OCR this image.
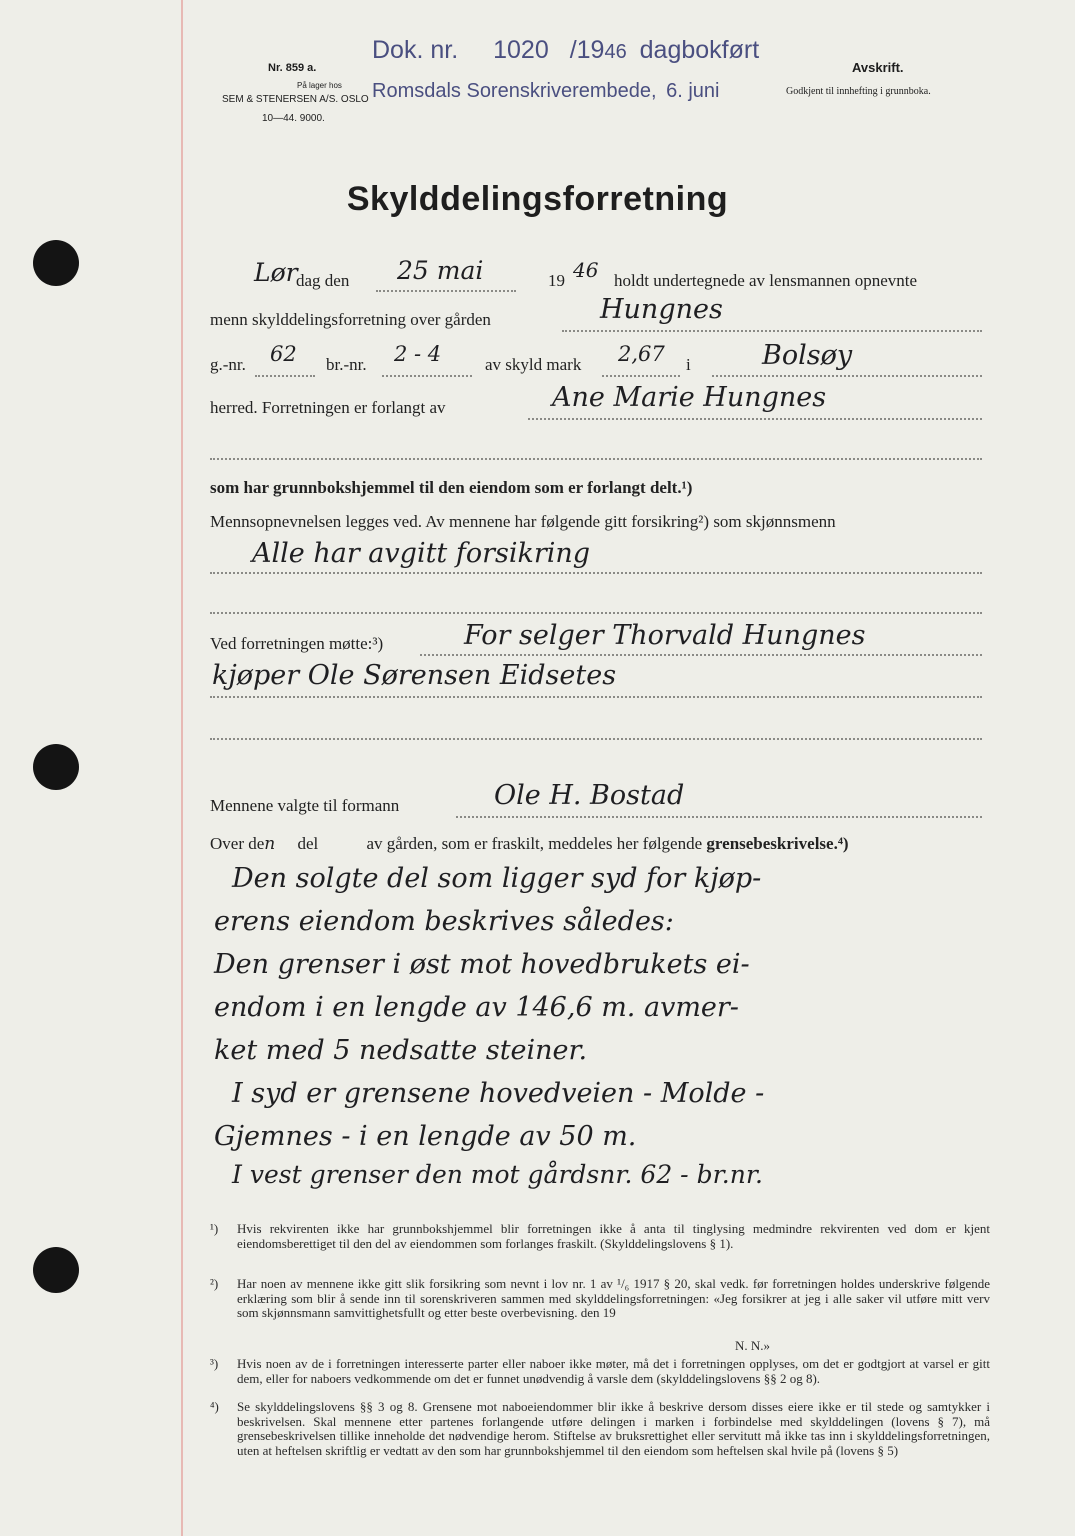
Nr. 859 a.
På lager hos
SEM & STENERSEN A/S. OSLO
10—44. 9000.
Dok. nr. 1020 /1946 dagbokført
Romsdals Sorenskriverembede, 6. juni
Avskrift.
Godkjent til innhefting i grunnboka.
Skylddelingsforretning
Lør
dag den 25 mai	19 46 holdt undertegnede av lensmannen opnevnte
menn skylddelingsforretning over gården	Hungnes
g.-nr. 62 br.-nr. 2 - 4	av skyld mark 2,67 i	Bolsøy
herred. Forretningen er forlangt av	Ane Marie Hungnes
som har grunnbokshjemmel til den eiendom som er forlangt delt.¹)
Mennsopnevnelsen legges ved. Av mennene har følgende gitt forsikring²) som skjønnsmenn
Alle har avgitt forsikring
Ved forretningen møtte:³)	For selger Thorvald Hungnes
kjøper Ole Sørensen Eidsetes
Mennene valgte til formann	Ole H. Bostad
Over den del	av gården, som er fraskilt, meddeles her følgende grensebeskrivelse.⁴)
Den solgte del som ligger syd for kjøp-
erens eiendom beskrives således:
Den grenser i øst mot hovedbrukets ei-
endom i en lengde av 146,6 m. avmer-
ket med 5 nedsatte steiner.
I syd er grensene hovedveien - Molde -
Gjemnes - i en lengde av 50 m.
I vest grenser den mot gårdsnr. 62 - br.nr.
¹) Hvis rekvirenten ikke har grunnbokshjemmel blir forretningen ikke å anta til tinglysing medmindre rekvirenten ved dom er kjent eiendomsberettiget til den del av eiendommen som forlanges fraskilt. (Skylddelingslovens § 1).
²) Har noen av mennene ikke gitt slik forsikring som nevnt i lov nr. 1 av ¹/₆ 1917 § 20, skal vedk. før forretningen holdes underskrive følgende erklæring som blir å sende inn til sorenskriveren sammen med skylddelingsforretningen: «Jeg forsikrer at jeg i alle saker vil utføre mitt verv som skjønnsmann samvittighetsfullt og etter beste overbevisning. den 19
N. N.»
³) Hvis noen av de i forretningen interesserte parter eller naboer ikke møter, må det i forretningen opplyses, om det er godtgjort at varsel er gitt dem, eller for naboers vedkommende om det er funnet unødvendig å varsle dem (skylddelingslovens §§ 2 og 8).
⁴) Se skylddelingslovens §§ 3 og 8. Grensene mot naboeiendommer blir ikke å beskrive dersom disses eiere ikke er til stede og samtykker i beskrivelsen. Skal mennene etter partenes forlangende utføre delingen i marken i forbindelse med skylddelingen (lovens § 7), må grensebeskrivelsen tillike inneholde det nødvendige herom. Stiftelse av bruksrettighet eller servitutt må ikke tas inn i skylddelingsforretningen, uten at heftelsen skriftlig er vedtatt av den som har grunnbokshjemmel til den eiendom som heftelsen skal hvile på (lovens § 5)
